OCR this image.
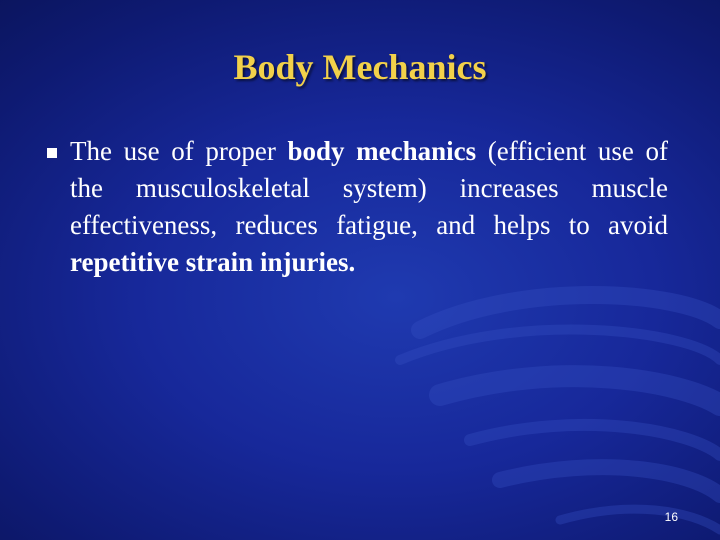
Body Mechanics

The use of proper body mechanics (efficient use of the musculoskeletal system) increases muscle effectiveness, reduces fatigue, and helps to avoid repetitive strain injuries.

16
